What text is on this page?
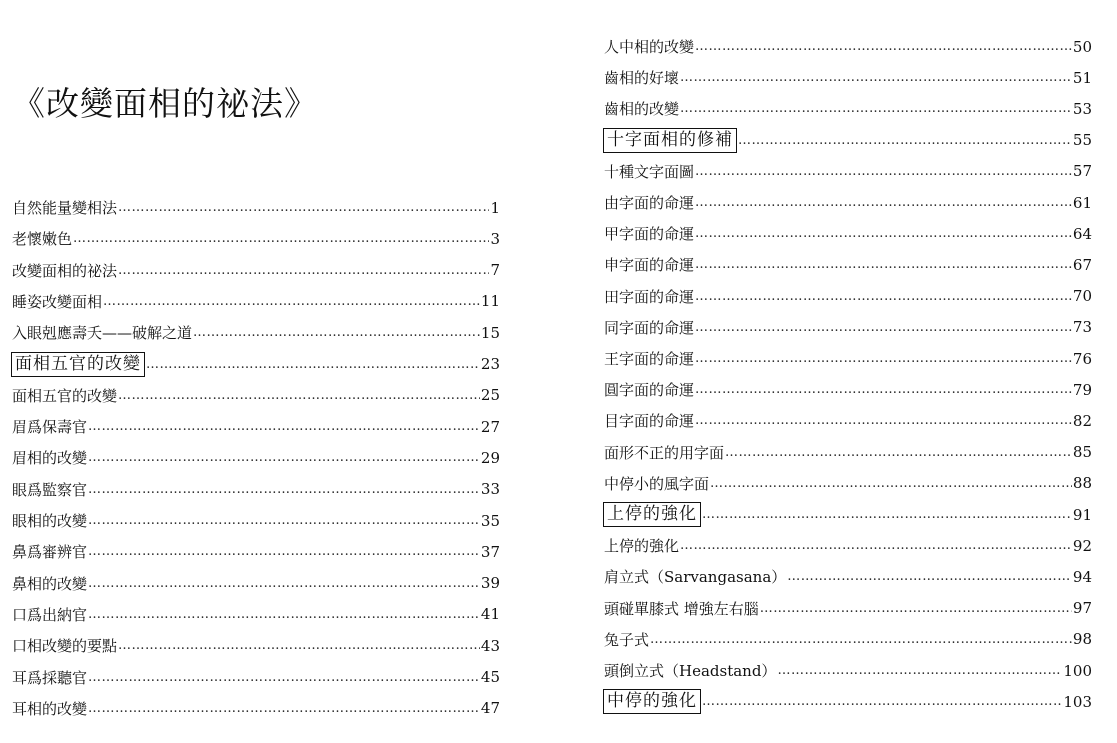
《改變面相的祕法》
自然能量變相法 ……………………………………………………………………………………………………………………………………………………………………	1
老懷嫩色 ……………………………………………………………………………………………………………………………………………………………………	3
改變面相的祕法 ……………………………………………………………………………………………………………………………………………………………………	7
睡姿改變面相 ……………………………………………………………………………………………………………………………………………………………………	11
入眼剋應壽夭——破解之道 ……………………………………………………………………………………………………………………………………………………………………	15
面相五官的改變 ……………………………………………………………………………………………………………………………………………………………………	23
面相五官的改變 ……………………………………………………………………………………………………………………………………………………………………	25
眉爲保壽官 ……………………………………………………………………………………………………………………………………………………………………	27
眉相的改變 ……………………………………………………………………………………………………………………………………………………………………	29
眼爲監察官 ……………………………………………………………………………………………………………………………………………………………………	33
眼相的改變 ……………………………………………………………………………………………………………………………………………………………………	35
鼻爲審辨官 ……………………………………………………………………………………………………………………………………………………………………	37
鼻相的改變 ……………………………………………………………………………………………………………………………………………………………………	39
口爲出納官 ……………………………………………………………………………………………………………………………………………………………………	41
口相改變的要點 ……………………………………………………………………………………………………………………………………………………………………	43
耳爲採聽官 ……………………………………………………………………………………………………………………………………………………………………	45
耳相的改變 ……………………………………………………………………………………………………………………………………………………………………	47
人中相的改變 ……………………………………………………………………………………………………………………………………………………………………	50
齒相的好壞 ……………………………………………………………………………………………………………………………………………………………………	51
齒相的改變 ……………………………………………………………………………………………………………………………………………………………………	53
十字面相的修補 ……………………………………………………………………………………………………………………………………………………………………	55
十種文字面圖 ……………………………………………………………………………………………………………………………………………………………………	57
由字面的命運 ……………………………………………………………………………………………………………………………………………………………………	61
甲字面的命運 ……………………………………………………………………………………………………………………………………………………………………	64
申字面的命運 ……………………………………………………………………………………………………………………………………………………………………	67
田字面的命運 ……………………………………………………………………………………………………………………………………………………………………	70
同字面的命運 ……………………………………………………………………………………………………………………………………………………………………	73
王字面的命運 ……………………………………………………………………………………………………………………………………………………………………	76
圓字面的命運 ……………………………………………………………………………………………………………………………………………………………………	79
目字面的命運 ……………………………………………………………………………………………………………………………………………………………………	82
面形不正的用字面 ……………………………………………………………………………………………………………………………………………………………………	85
中停小的風字面 ……………………………………………………………………………………………………………………………………………………………………	88
上停的強化 ……………………………………………………………………………………………………………………………………………………………………	91
上停的強化 ……………………………………………………………………………………………………………………………………………………………………	92
肩立式（Sarvangasana） ……………………………………………………………………………………………………………………………………………………………………	94
頭碰單膝式 增強左右腦 ……………………………………………………………………………………………………………………………………………………………………	97
兔子式 ……………………………………………………………………………………………………………………………………………………………………	98
頭倒立式（Headstand） ……………………………………………………………………………………………………………………………………………………………………	100
中停的強化 ……………………………………………………………………………………………………………………………………………………………………	103
